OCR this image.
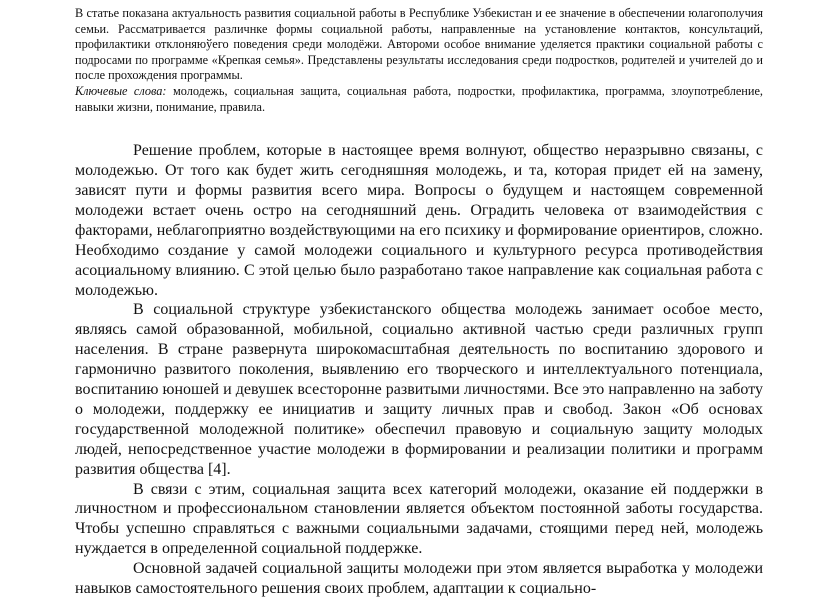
В статье показана актуальность развития социальной работы в Республике Узбекистан и ее значение в обеспечении юлагополучия семьи. Рассматривается различнке формы социальной работы, направленные на установление контактов, консультаций, профилактики отклоняюўего поведения среди молодёжи. Автороми особое внимание уделяется практики социальной работы с подросами по программе «Крепкая семья». Представлены результаты исследования среди подростков, родителей и учителей до и после прохождения программы.

Ключевые слова: молодежь, социальная защита, социальная работа, подростки, профилактика, программа, злоупотребление, навыки жизни, понимание, правила.

Решение проблем, которые в настоящее время волнуют, общество неразрывно связаны, с молодежью. От того как будет жить сегодняшняя молодежь, и та, которая придет ей на замену, зависят пути и формы развития всего мира. Вопросы о будущем и настоящем современной молодежи встает очень остро на сегодняшний день. Оградить человека от взаимодействия с факторами, неблагоприятно воздействующими на его психику и формирование ориентиров, сложно. Необходимо создание у самой молодежи социального и культурного ресурса противодействия асоциальному влиянию. С этой целью было разработано такое направление как социальная работа с молодежью.

В социальной структуре узбекистанского общества молодежь занимает особое место, являясь самой образованной, мобильной, социально активной частью среди различных групп населения. В стране развернута широкомасштабная деятельность по воспитанию здорового и гармонично развитого поколения, выявлению его творческого и интеллектуального потенциала, воспитанию юношей и девушек всесторонне развитыми личностями. Все это направленно на заботу о молодежи, поддержку ее инициатив и защиту личных прав и свобод. Закон «Об основах государственной молодежной политике» обеспечил правовую и социальную защиту молодых людей, непосредственное участие молодежи в формировании и реализации политики и программ развития общества [4].

В связи с этим, социальная защита всех категорий молодежи, оказание ей поддержки в личностном и профессиональном становлении является объектом постоянной заботы государства. Чтобы успешно справляться с важными социальными задачами, стоящими перед ней, молодежь нуждается в определенной социальной поддержке.

Основной задачей социальной защиты молодежи при этом является выработка у молодежи навыков самостоятельного решения своих проблем, адаптации к социально-
